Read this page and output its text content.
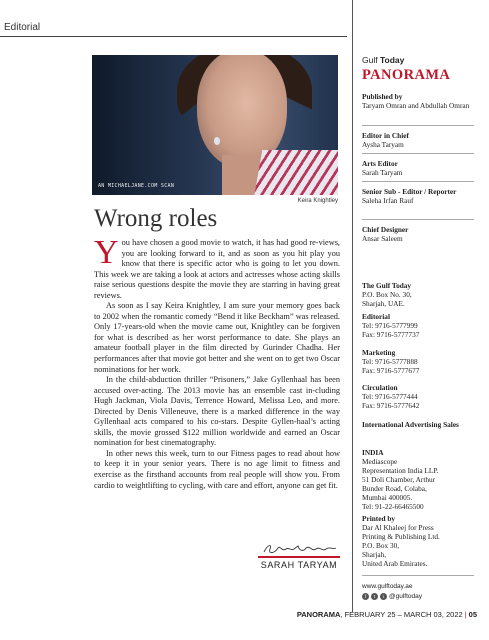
Editorial
AN MICHAELJANE.COM SCAN
Keira Knightley
Wrong roles

You have chosen a good movie to watch, it has had good re-views, you are looking forward to it, and as soon as you hit play you know that there is specific actor who is going to let you down. This week we are taking a look at actors and actresses whose acting skills raise serious questions despite the movie they are starring in having great reviews.

As soon as I say Keira Knightley, I am sure your memory goes back to 2002 when the romantic comedy “Bend it like Beckham” was released. Only 17-years-old when the movie came out, Knightley can be forgiven for what is described as her worst performance to date. She plays an amateur football player in the film directed by Gurinder Chadha. Her performances after that movie got better and she went on to get two Oscar nominations for her work.

In the child-abduction thriller “Prisoners,” Jake Gyllenhaal has been accused over-acting. The 2013 movie has an ensemble cast in-cluding Hugh Jackman, Viola Davis, Terrence Howard, Melissa Leo, and more. Directed by Denis Villeneuve, there is a marked difference in the way Gyllenhaal acts compared to his co-stars. Despite Gyllen-haal’s acting skills, the movie grossed $122 million worldwide and earned an Oscar nomination for best cinematography.

In other news this week, turn to our Fitness pages to read about how to keep it in your senior years. There is no age limit to fitness and exercise as the firsthand accounts from real people will show you. From cardio to weightlifting to cycling, with care and effort, anyone can get fit.

SARAH TARYAM
Gulf Today
PANORAMA
Published by
Taryam Omran and Abdullah Omran
Editor in Chief
Aysha Taryam
Arts Editor
Sarah Taryam
Senior Sub - Editor / Reporter
Saleha Irfan Rauf
Chief Designer
Ansar Saleem
The Gulf Today
P.O. Box No. 30,
Sharjah, UAE.
Editorial
Tel: 9716-5777999
Fax: 9716-5777737
Marketing
Tel: 9716-5777888
Fax: 9716-5777677
Circulation
Tel: 9716-5777444
Fax: 9716-5777642
International Advertising Sales
INDIA
Mediascope
Representation India LLP.
51 Doli Chamber, Arthur
Bunder Road, Colaba,
Mumbai 400005.
Tel: 91-22-66465500
Printed by
Dar Al Khaleej for Press
Printing & Publishing Ltd.
P.O. Box 30,
Sharjah,
United Arab Emirates.
www.gulftoday.ae
f	t	i @gulftoday
PANORAMA, FEBRUARY 25 – MARCH 03, 2022 | 05
